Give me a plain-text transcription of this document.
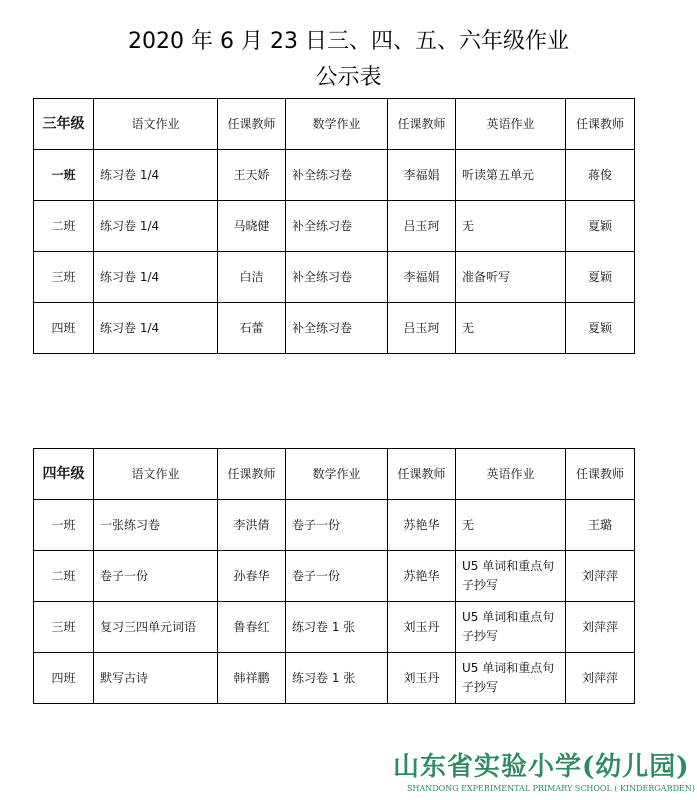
2020 年 6 月 23 日三、四、五、六年级作业
公示表
三年级	语文作业	任课教师	数学作业	任课教师	英语作业	任课教师
一班	练习卷 1/4	王天娇	补全练习卷	李福娟	听读第五单元	蒋俊
二班	练习卷 1/4	马晓健	补全练习卷	吕玉珂	无	夏颖
三班	练习卷 1/4	白洁	补全练习卷	李福娟	准备听写	夏颖
四班	练习卷 1/4	石蕾	补全练习卷	吕玉珂	无	夏颖
四年级	语文作业	任课教师	数学作业	任课教师	英语作业	任课教师
一班	一张练习卷	李洪倩	卷子一份	苏艳华	无	王璐
二班	卷子一份	孙春华	卷子一份	苏艳华	U5 单词和重点句子抄写	刘萍萍
三班	复习三四单元词语	鲁春红	练习卷 1 张	刘玉丹	U5 单词和重点句子抄写	刘萍萍
四班	默写古诗	韩祥鹏	练习卷 1 张	刘玉丹	U5 单词和重点句子抄写	刘萍萍
山东省实验小学(幼儿园)
SHANDONG EXPERIMENTAL PRIMARY SCHOOL ( KINDERGARDEN)
